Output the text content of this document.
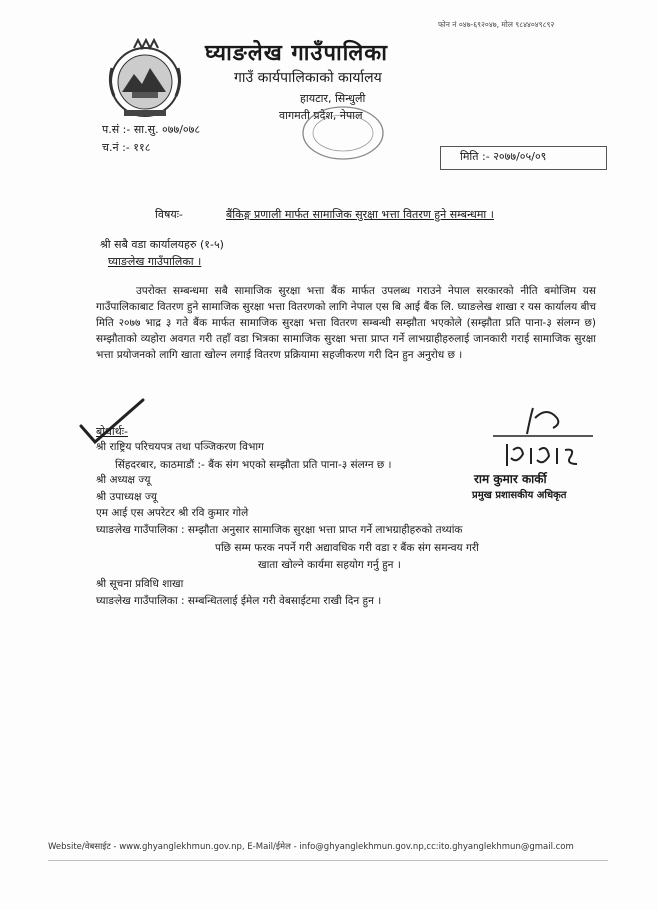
फोन नं ०४७-६९२०४७, मोल ९८४४०४९८९२
घ्याङलेख गाउँपालिका
गाउँ कार्यपालिकाको कार्यालय
हायटार, सिन्धुली
वागमती प्रदेश, नेपाल
प.सं :- सा.सु. ०७७/०७८
च.नं :- ११८
मिति :- २०७७/०५/०९
विषयः-	बैंकिङ्ग प्रणाली मार्फत सामाजिक सुरक्षा भत्ता वितरण हुने सम्बन्धमा ।
श्री सबै वडा कार्यालयहरु (१-५)
घ्याङलेख गाउँपालिका ।
उपरोक्त सम्बन्धमा सबै सामाजिक सुरक्षा भत्ता बैंक मार्फत उपलब्ध गराउने नेपाल सरकारको नीति बमोजिम यस गाउँपालिकाबाट वितरण हुने सामाजिक सुरक्षा भत्ता वितरणको लागि नेपाल एस बि आई बैंक लि. घ्याङलेख शाखा र यस कार्यालय बीच मिति २०७७ भाद्र ३ गते बैंक मार्फत सामाजिक सुरक्षा भत्ता वितरण सम्बन्धी सम्झौता भएकोले (सम्झौता प्रति पाना-३ संलग्न छ) सम्झौताको व्यहोरा अवगत गरी तहाँ वडा भित्रका सामाजिक सुरक्षा भत्ता प्राप्त गर्ने लाभग्राहीहरुलाई जानकारी गराई सामाजिक सुरक्षा भत्ता प्रयोजनको लागि खाता खोल्न लगाई वितरण प्रक्रियामा सहजीकरण गरी दिन हुन अनुरोध छ ।
बोधार्थः-
श्री राष्ट्रिय परिचयपत्र तथा पञ्जिकरण विभाग
सिंहदरबार, काठमाडौं :- बैंक संग भएको सम्झौता प्रति पाना-३ संलग्न छ ।
श्री अध्यक्ष ज्यू
श्री उपाध्यक्ष ज्यू
एम आई एस अपरेटर श्री रवि कुमार गोले
घ्याङलेख गाउँपालिका : सम्झौता अनुसार सामाजिक सुरक्षा भत्ता प्राप्त गर्ने लाभग्राहीहरुको तथ्यांक
पछि सम्म फरक नपर्ने गरी अद्यावधिक गरी वडा र बैंक संग समन्वय गरी
खाता खोल्ने कार्यमा सहयोग गर्नु हुन ।
श्री सूचना प्रविधि शाखा
घ्याङलेख गाउँपालिका : सम्बन्धितलाई ईमेल गरी वेबसाईटमा राखी दिन हुन ।
राम कुमार कार्की
प्रमुख प्रशासकीय अधिकृत
Website/वेबसाईट - www.ghyanglekhmun.gov.np, E-Mail/ईमेल - info@ghyanglekhmun.gov.np,cc:ito.ghyanglekhmun@gmail.com
